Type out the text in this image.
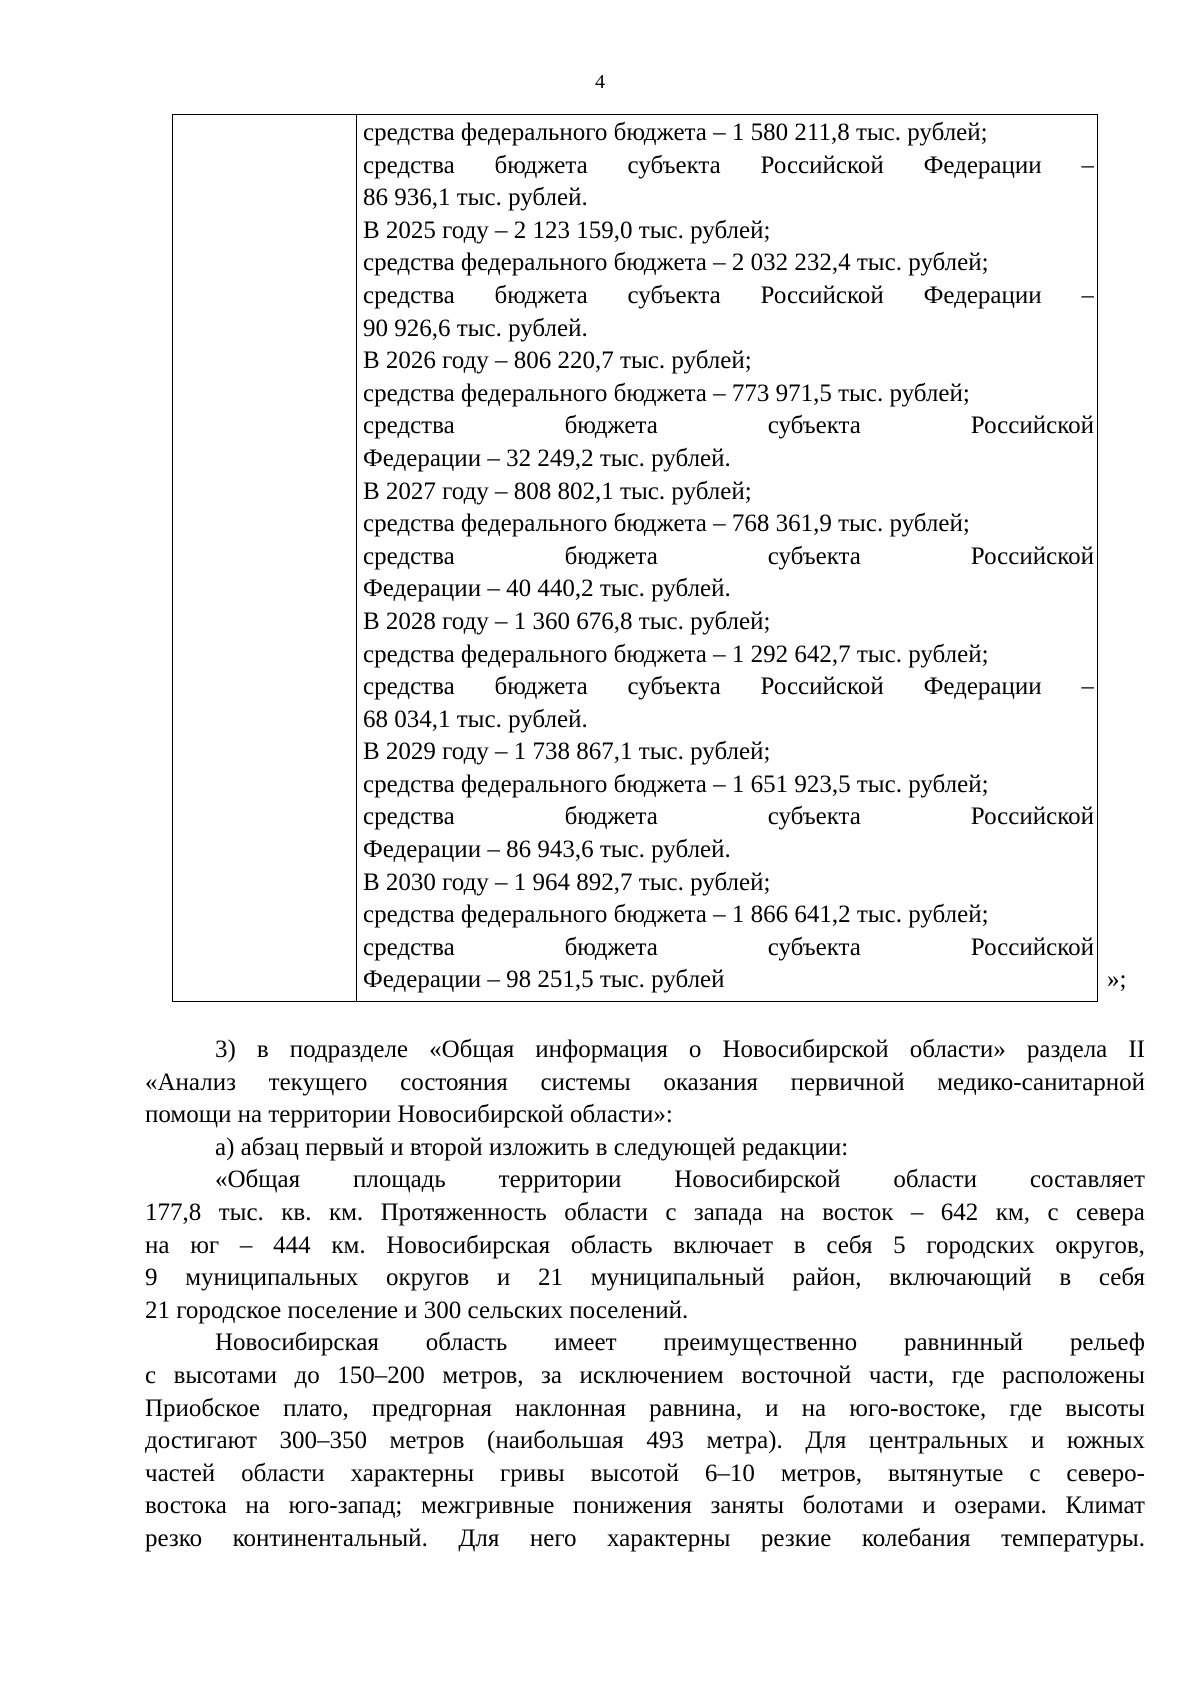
4
средства федерального бюджета – 1 580 211,8 тыс. рублей;
средства бюджета субъекта Российской Федерации –
86 936,1 тыс. рублей.
В 2025 году – 2 123 159,0 тыс. рублей;
средства федерального бюджета – 2 032 232,4 тыс. рублей;
средства бюджета субъекта Российской Федерации –
90 926,6 тыс. рублей.
В 2026 году – 806 220,7 тыс. рублей;
средства федерального бюджета – 773 971,5 тыс. рублей;
средства	бюджета	субъекта	Российской
Федерации – 32 249,2 тыс. рублей.
В 2027 году – 808 802,1 тыс. рублей;
средства федерального бюджета – 768 361,9 тыс. рублей;
средства	бюджета	субъекта	Российской
Федерации – 40 440,2 тыс. рублей.
В 2028 году – 1 360 676,8 тыс. рублей;
средства федерального бюджета – 1 292 642,7 тыс. рублей;
средства бюджета субъекта Российской Федерации –
68 034,1 тыс. рублей.
В 2029 году – 1 738 867,1 тыс. рублей;
средства федерального бюджета – 1 651 923,5 тыс. рублей;
средства	бюджета	субъекта	Российской
Федерации – 86 943,6 тыс. рублей.
В 2030 году – 1 964 892,7 тыс. рублей;
средства федерального бюджета – 1 866 641,2 тыс. рублей;
средства	бюджета	субъекта	Российской
Федерации – 98 251,5 тыс. рублей	»;
3) в подразделе «Общая информация о Новосибирской области» раздела II
«Анализ текущего состояния системы оказания первичной медико-санитарной
помощи на территории Новосибирской области»:
а) абзац первый и второй изложить в следующей редакции:
«Общая площадь территории Новосибирской области составляет
177,8 тыс. кв. км. Протяженность области с запада на восток – 642 км, с севера
на юг – 444 км. Новосибирская область включает в себя 5 городских округов,
9 муниципальных округов и 21 муниципальный район, включающий в себя
21 городское поселение и 300 сельских поселений.
Новосибирская область имеет преимущественно равнинный рельеф
с высотами до 150–200 метров, за исключением восточной части, где расположены
Приобское плато, предгорная наклонная равнина, и на юго-востоке, где высоты
достигают 300–350 метров (наибольшая 493 метра). Для центральных и южных
частей области характерны гривы высотой 6–10 метров, вытянутые с северо-
востока на юго-запад; межгривные понижения заняты болотами и озерами. Климат
резко континентальный. Для него характерны резкие колебания температуры.
